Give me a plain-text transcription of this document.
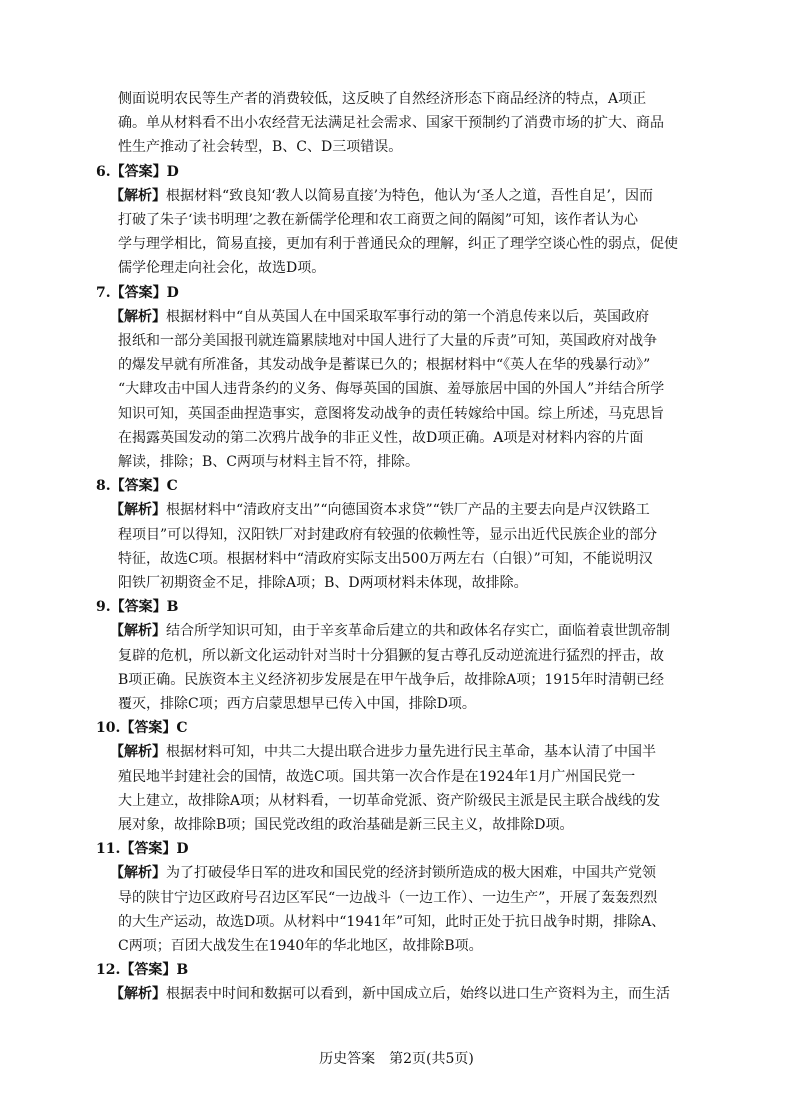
侧面说明农民等生产者的消费较低，这反映了自然经济形态下商品经济的特点，A项正
确。单从材料看不出小农经营无法满足社会需求、国家干预制约了消费市场的扩大、商品
性生产推动了社会转型，B、C、D三项错误。
6.【答案】D
【解析】根据材料“致良知‘教人以简易直接’为特色，他认为‘圣人之道，吾性自足’，因而
打破了朱子‘读书明理’之教在新儒学伦理和农工商贾之间的隔阂”可知，该作者认为心
学与理学相比，简易直接，更加有利于普通民众的理解，纠正了理学空谈心性的弱点，促使
儒学伦理走向社会化，故选D项。
7.【答案】D
【解析】根据材料中“自从英国人在中国采取军事行动的第一个消息传来以后，英国政府
报纸和一部分美国报刊就连篇累牍地对中国人进行了大量的斥责”可知，英国政府对战争
的爆发早就有所准备，其发动战争是蓄谋已久的；根据材料中“《英人在华的残暴行动》”
“大肆攻击中国人违背条约的义务、侮辱英国的国旗、羞辱旅居中国的外国人”并结合所学
知识可知，英国歪曲捏造事实，意图将发动战争的责任转嫁给中国。综上所述，马克思旨
在揭露英国发动的第二次鸦片战争的非正义性，故D项正确。A项是对材料内容的片面
解读，排除；B、C两项与材料主旨不符，排除。
8.【答案】C
【解析】根据材料中“清政府支出”“向德国资本求贷”“铁厂产品的主要去向是卢汉铁路工
程项目”可以得知，汉阳铁厂对封建政府有较强的依赖性等，显示出近代民族企业的部分
特征，故选C项。根据材料中“清政府实际支出500万两左右（白银）”可知，不能说明汉
阳铁厂初期资金不足，排除A项；B、D两项材料未体现，故排除。
9.【答案】B
【解析】结合所学知识可知，由于辛亥革命后建立的共和政体名存实亡，面临着袁世凯帝制
复辟的危机，所以新文化运动针对当时十分猖獗的复古尊孔反动逆流进行猛烈的抨击，故
B项正确。民族资本主义经济初步发展是在甲午战争后，故排除A项；1915年时清朝已经
覆灭，排除C项；西方启蒙思想早已传入中国，排除D项。
10.【答案】C
【解析】根据材料可知，中共二大提出联合进步力量先进行民主革命，基本认清了中国半
殖民地半封建社会的国情，故选C项。国共第一次合作是在1924年1月广州国民党一
大上建立，故排除A项；从材料看，一切革命党派、资产阶级民主派是民主联合战线的发
展对象，故排除B项；国民党改组的政治基础是新三民主义，故排除D项。
11.【答案】D
【解析】为了打破侵华日军的进攻和国民党的经济封锁所造成的极大困难，中国共产党领
导的陕甘宁边区政府号召边区军民“一边战斗（一边工作）、一边生产”，开展了轰轰烈烈
的大生产运动，故选D项。从材料中“1941年”可知，此时正处于抗日战争时期，排除A、
C两项；百团大战发生在1940年的华北地区，故排除B项。
12.【答案】B
【解析】根据表中时间和数据可以看到，新中国成立后，始终以进口生产资料为主，而生活
历史答案　第2页(共5页)
